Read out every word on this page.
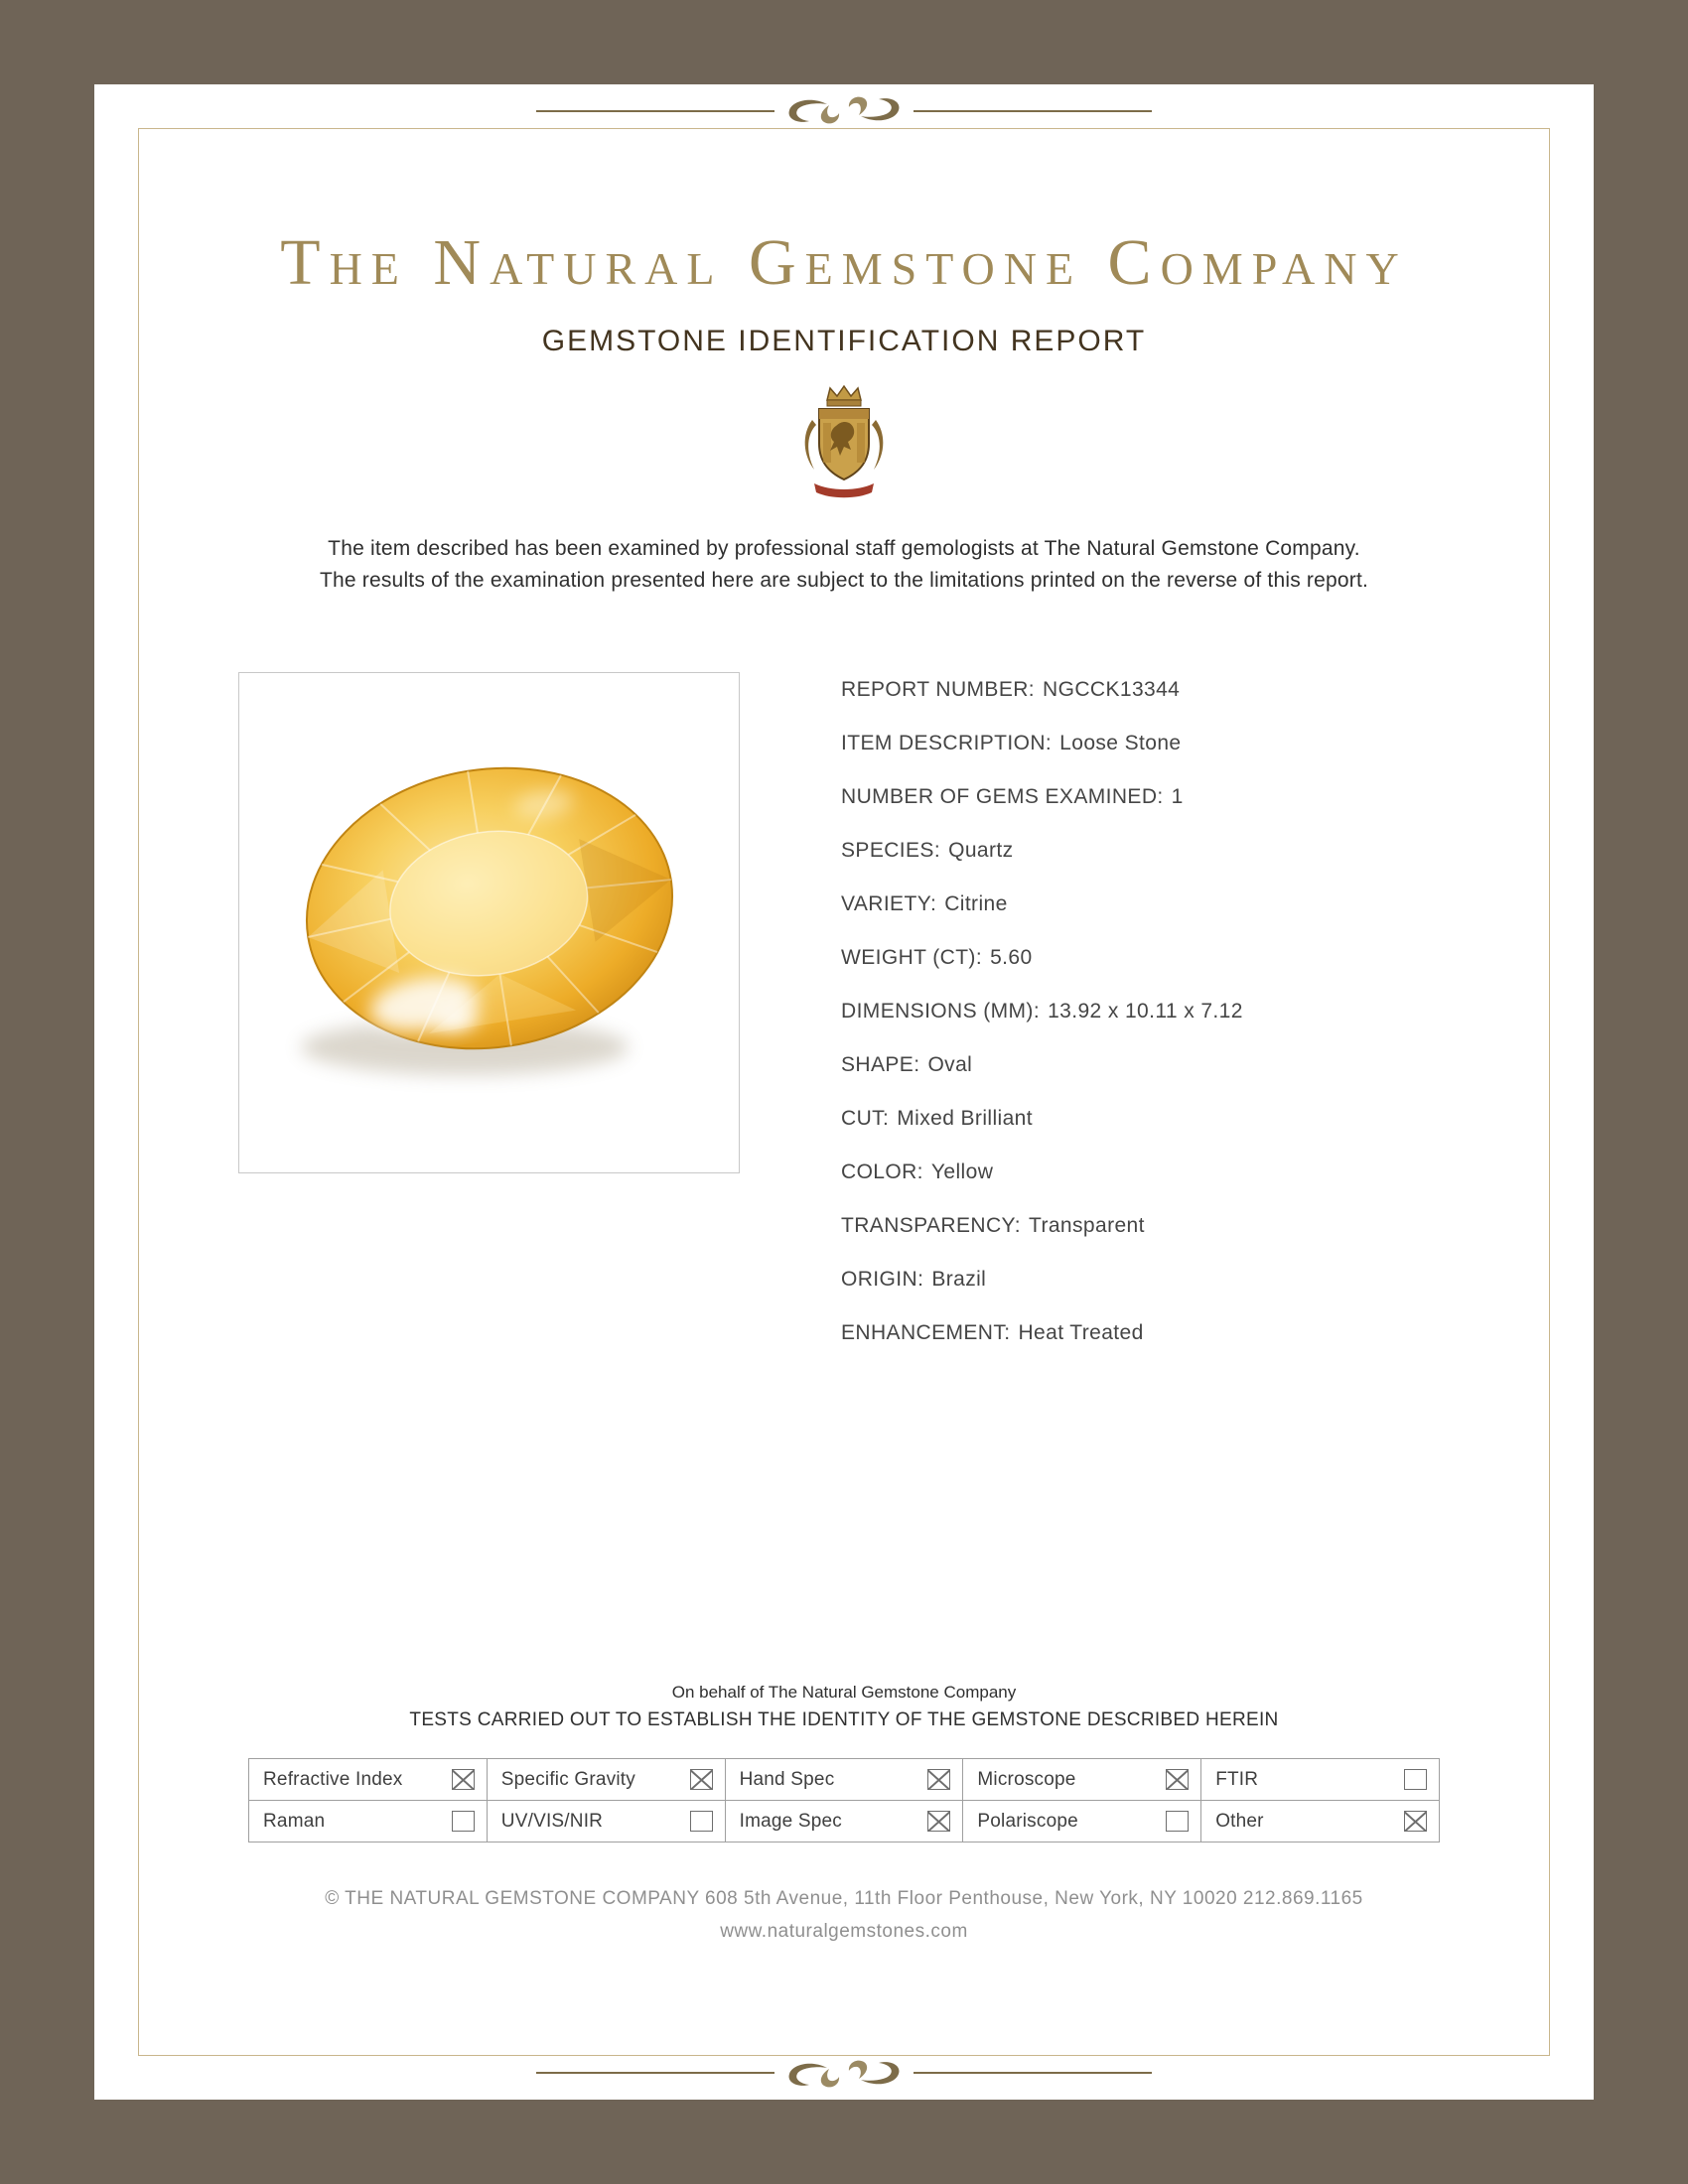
The Natural Gemstone Company
GEMSTONE IDENTIFICATION REPORT
The item described has been examined by professional staff gemologists at The Natural Gemstone Company.
The results of the examination presented here are subject to the limitations printed on the reverse of this report.
REPORT NUMBER: NGCCK13344
ITEM DESCRIPTION: Loose Stone
NUMBER OF GEMS EXAMINED: 1
SPECIES: Quartz
VARIETY: Citrine
WEIGHT (CT): 5.60
DIMENSIONS (MM): 13.92 x 10.11 x 7.12
SHAPE: Oval
CUT: Mixed Brilliant
COLOR: Yellow
TRANSPARENCY: Transparent
ORIGIN: Brazil
ENHANCEMENT: Heat Treated
On behalf of The Natural Gemstone Company
TESTS CARRIED OUT TO ESTABLISH THE IDENTITY OF THE GEMSTONE DESCRIBED HEREIN
Refractive Index	Specific Gravity	Hand Spec	Microscope	FTIR

Raman	UV/VIS/NIR	Image Spec	Polariscope	Other
© THE NATURAL GEMSTONE COMPANY 608 5th Avenue, 11th Floor Penthouse, New York, NY 10020 212.869.1165
www.naturalgemstones.com
